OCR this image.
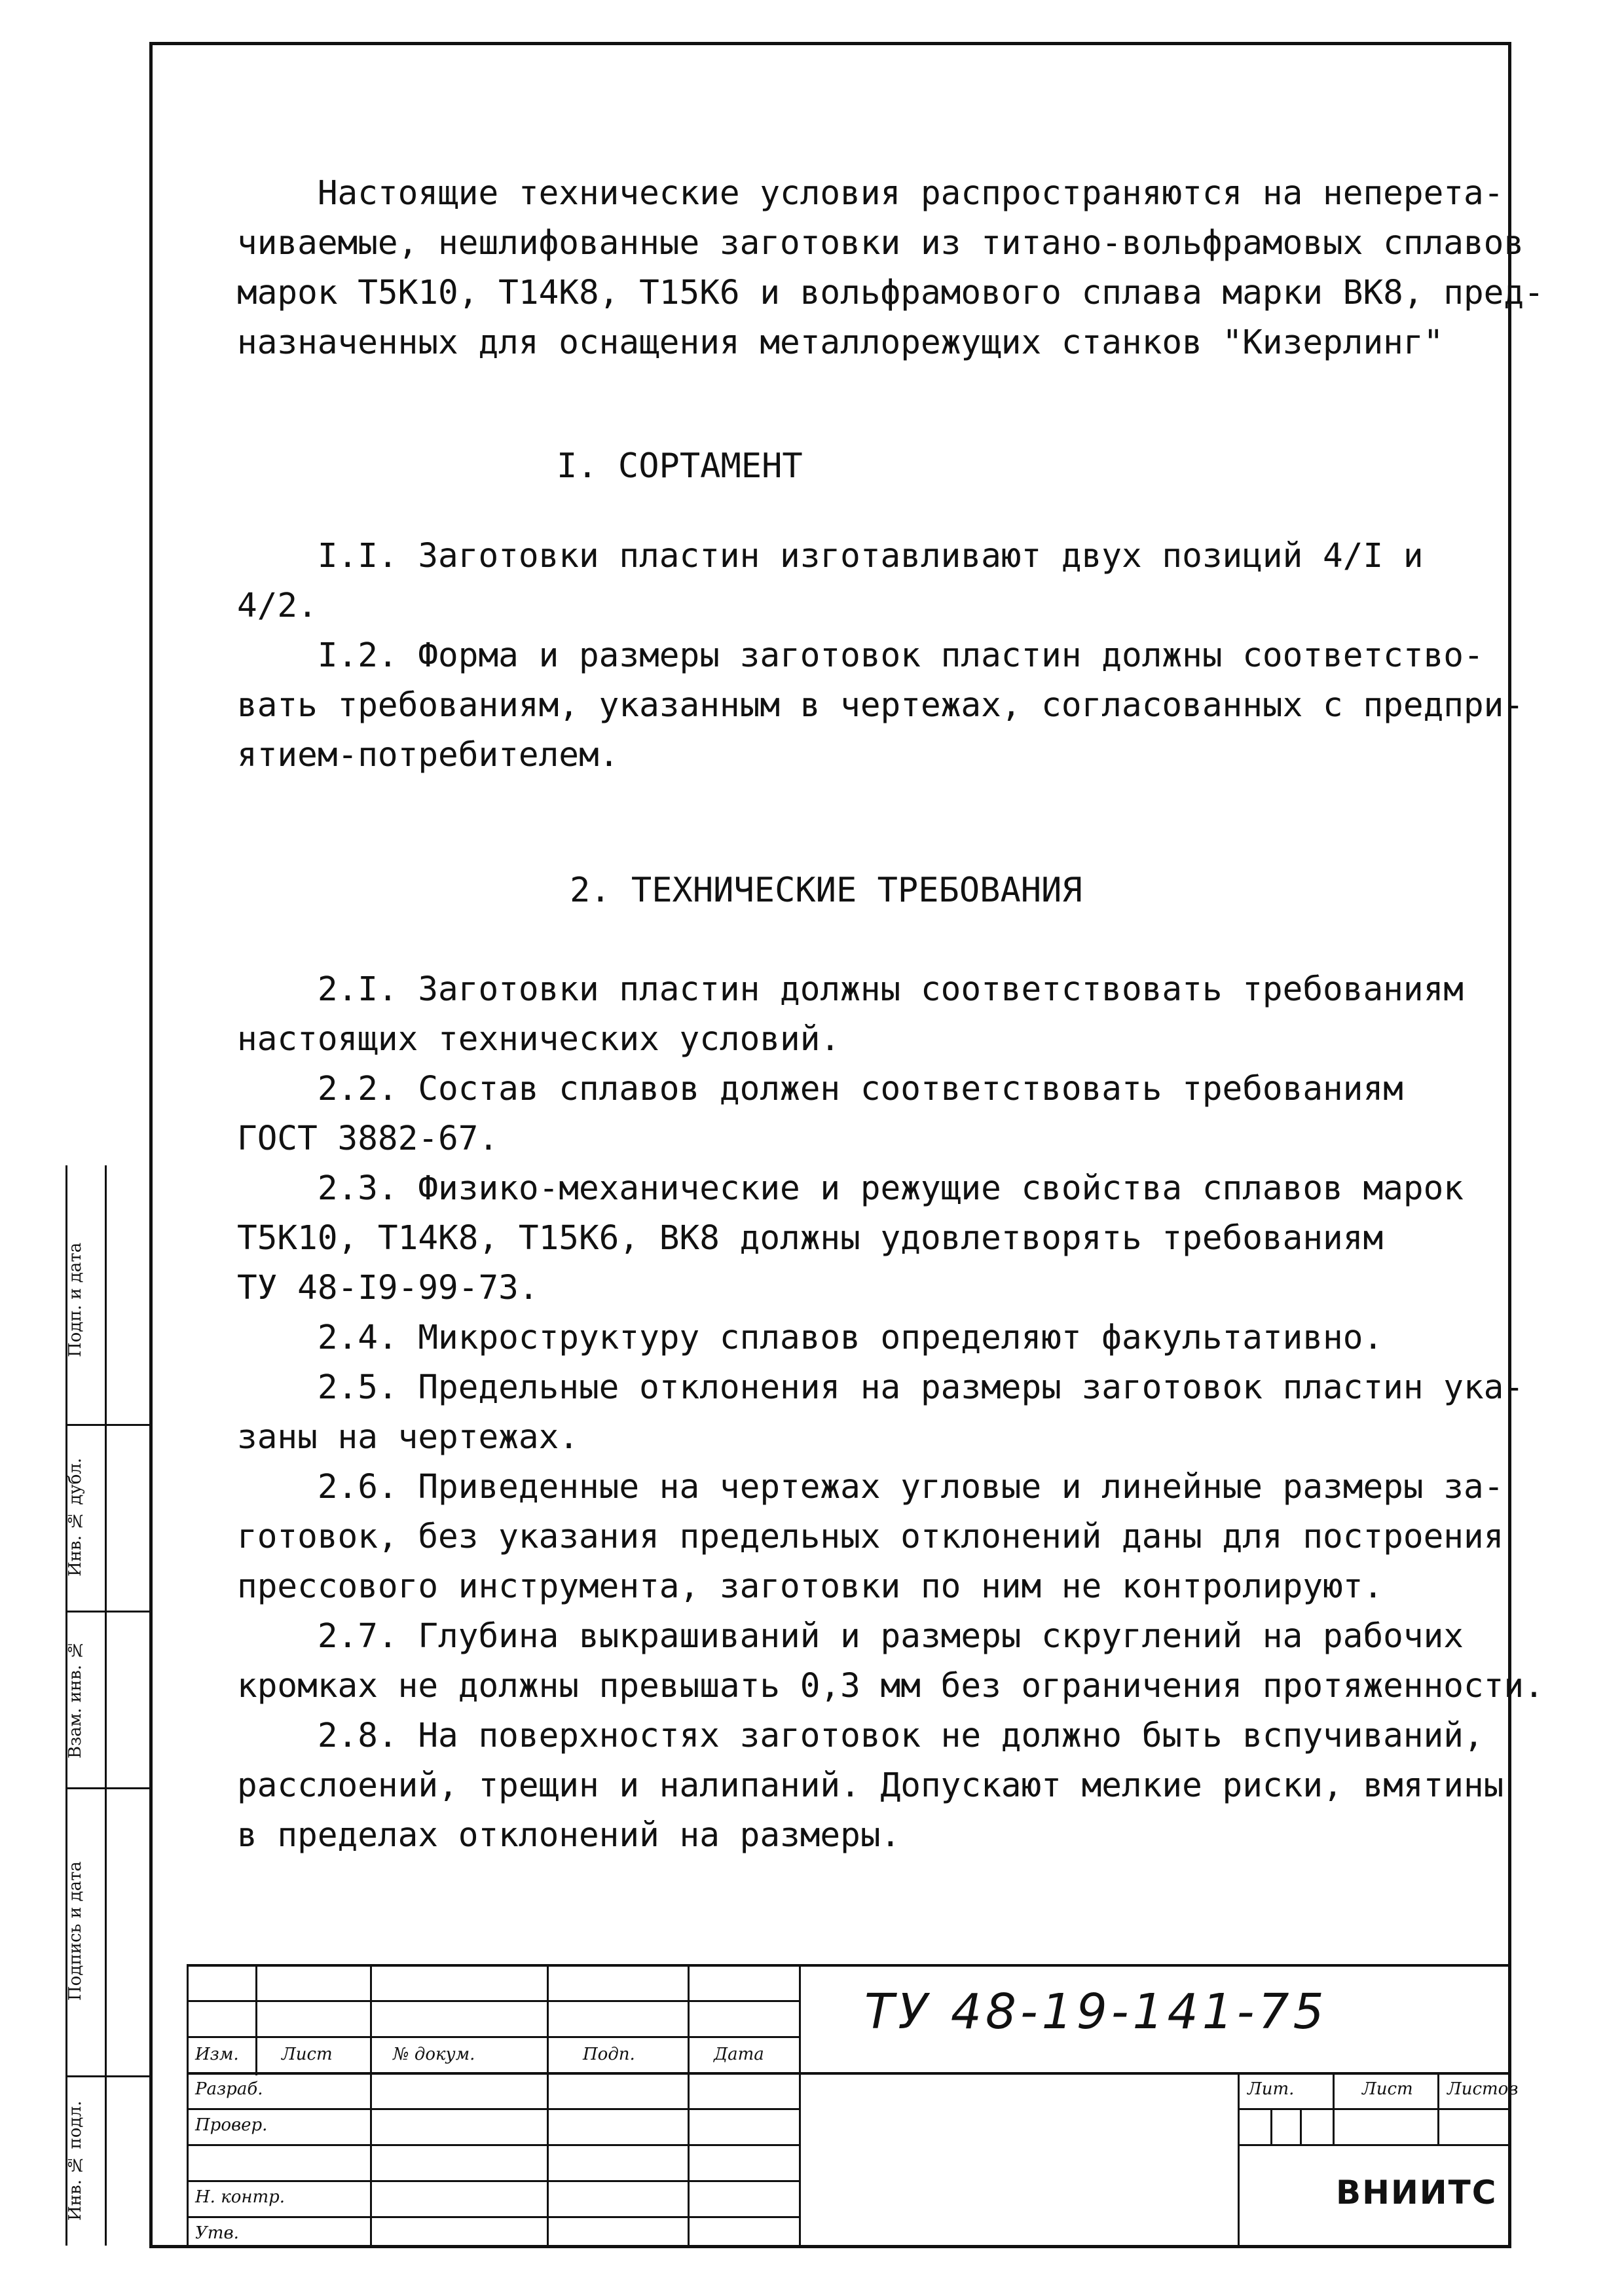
Подп. и дата
Инв. № дубл.
Взам. инв. №
Подпись и дата
Инв. № подл.
Настоящие технические условия распространяются на неперета-
чиваемые, нешлифованные заготовки из титано-вольфрамовых сплавов
марок Т5К10, Т14К8, Т15К6 и вольфрамового сплава марки ВК8, пред-
назначенных для оснащения металлорежущих станков "Кизерлинг"
I. СОРТАМЕНТ
I.I. Заготовки пластин изготавливают двух позиций 4/I и
4/2.
I.2. Форма и размеры заготовок пластин должны соответство-
вать требованиям, указанным в чертежах, согласованных с предпри-
ятием-потребителем.
2. ТЕХНИЧЕСКИЕ ТРЕБОВАНИЯ
2.I. Заготовки пластин должны соответствовать требованиям
настоящих технических условий.
2.2. Состав сплавов должен соответствовать требованиям
ГОСТ 3882-67.
2.3. Физико-механические и режущие свойства сплавов марок
Т5К10, Т14К8, Т15К6, ВК8 должны удовлетворять требованиям
ТУ 48-I9-99-73.
2.4. Микроструктуру сплавов определяют факультативно.
2.5. Предельные отклонения на размеры заготовок пластин ука-
заны на чертежах.
2.6. Приведенные на чертежах угловые и линейные размеры за-
готовок, без указания предельных отклонений даны для построения
прессового инструмента, заготовки по ним не контролируют.
2.7. Глубина выкрашиваний и размеры скруглений на рабочих
кромках не должны превышать 0,3 мм без ограничения протяженности.
2.8. На поверхностях заготовок не должно быть вспучиваний,
расслоений, трещин и налипаний. Допускают мелкие риски, вмятины
в пределах отклонений на размеры.
Изм.	Лист	№ докум.	Подп.	Дата
Разраб.
Провер.
Н. контр.
Утв.
ТУ 48-19-141-75
Лит.	Лист Листов
ВНИИТС
